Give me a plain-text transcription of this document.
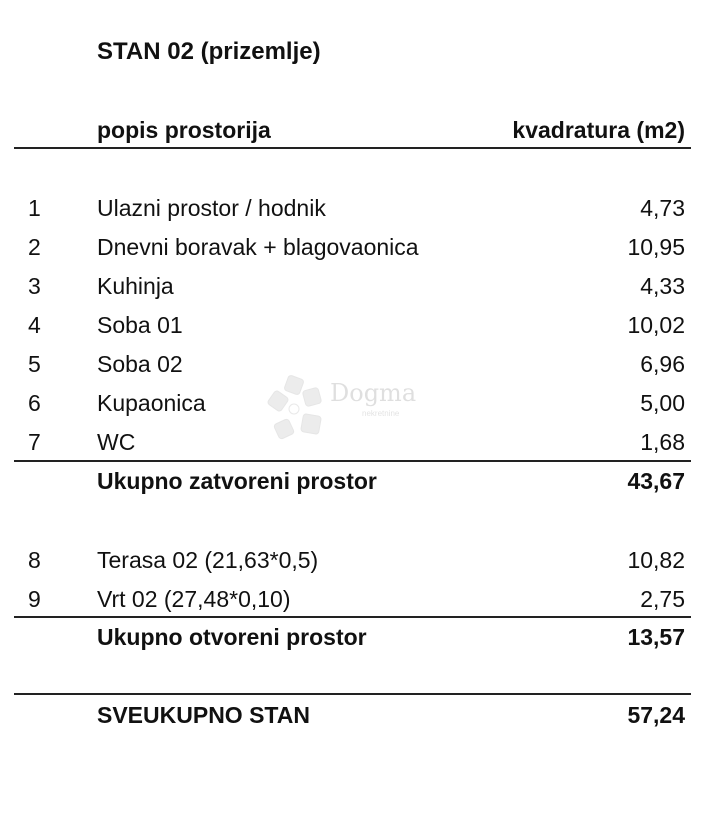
STAN 02 (prizemlje)
popis prostorija	kvadratura (m2)
1 Ulazni prostor / hodnik	4,73
2 Dnevni boravak + blagovaonica	10,95
3 Kuhinja	4,33
4 Soba 01	10,02
5 Soba 02	6,96
6 Kupaonica	5,00
7 WC	1,68
Ukupno zatvoreni prostor	43,67
8 Terasa 02 (21,63*0,5)	10,82
9 Vrt 02 (27,48*0,10)	2,75
Ukupno otvoreni prostor	13,57
SVEUKUPNO STAN	57,24
Dogma
nekretnine
